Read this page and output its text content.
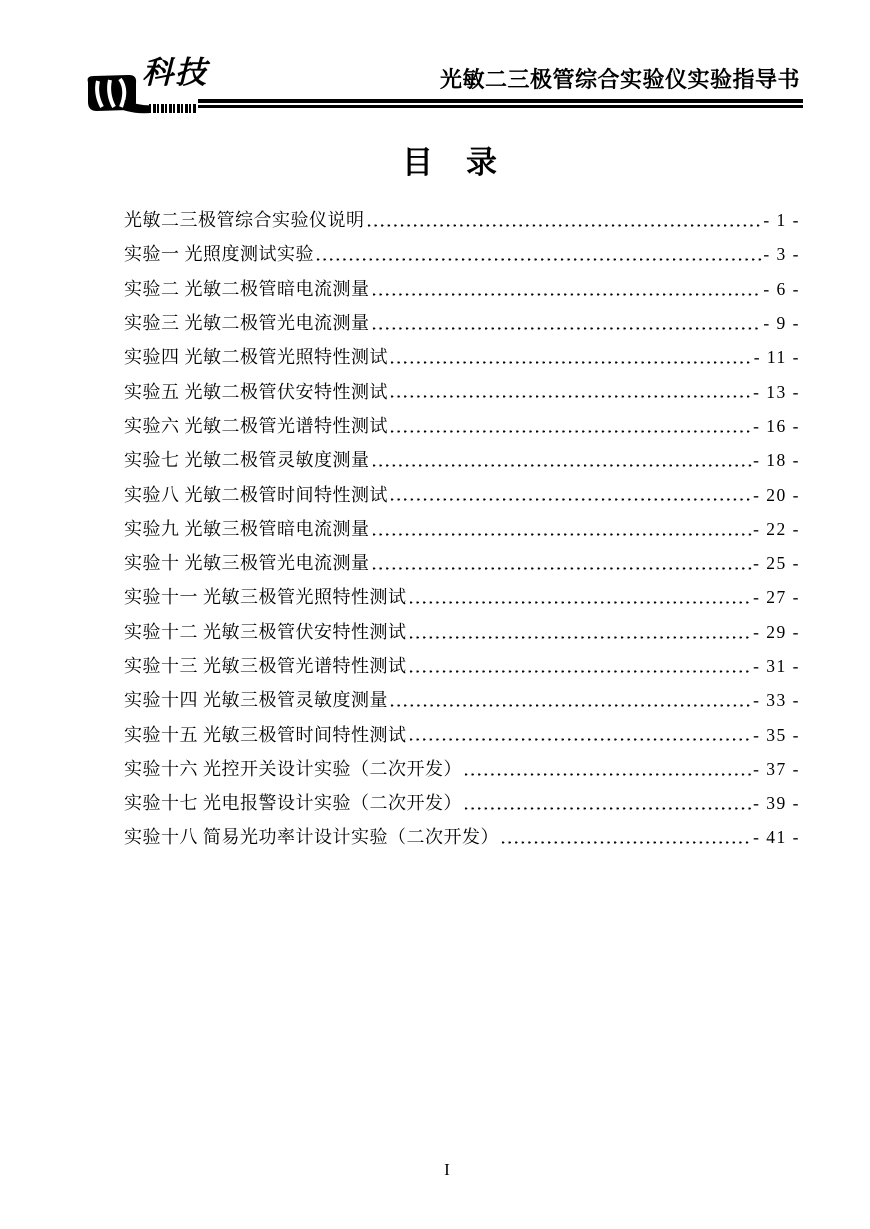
科技	光敏二三极管综合实验仪实验指导书
目　录
光敏二三极管综合实验仪说明	- 1 -
实验一 光照度测试实验	- 3 -
实验二 光敏二极管暗电流测量	- 6 -
实验三 光敏二极管光电流测量	- 9 -
实验四 光敏二极管光照特性测试	- 11 -
实验五 光敏二极管伏安特性测试	- 13 -
实验六 光敏二极管光谱特性测试	- 16 -
实验七 光敏二极管灵敏度测量	- 18 -
实验八 光敏二极管时间特性测试	- 20 -
实验九 光敏三极管暗电流测量	- 22 -
实验十 光敏三极管光电流测量	- 25 -
实验十一 光敏三极管光照特性测试	- 27 -
实验十二 光敏三极管伏安特性测试	- 29 -
实验十三 光敏三极管光谱特性测试	- 31 -
实验十四 光敏三极管灵敏度测量	- 33 -
实验十五 光敏三极管时间特性测试	- 35 -
实验十六 光控开关设计实验（二次开发）	- 37 -
实验十七 光电报警设计实验（二次开发）	- 39 -
实验十八 简易光功率计设计实验（二次开发）	- 41 -
I
